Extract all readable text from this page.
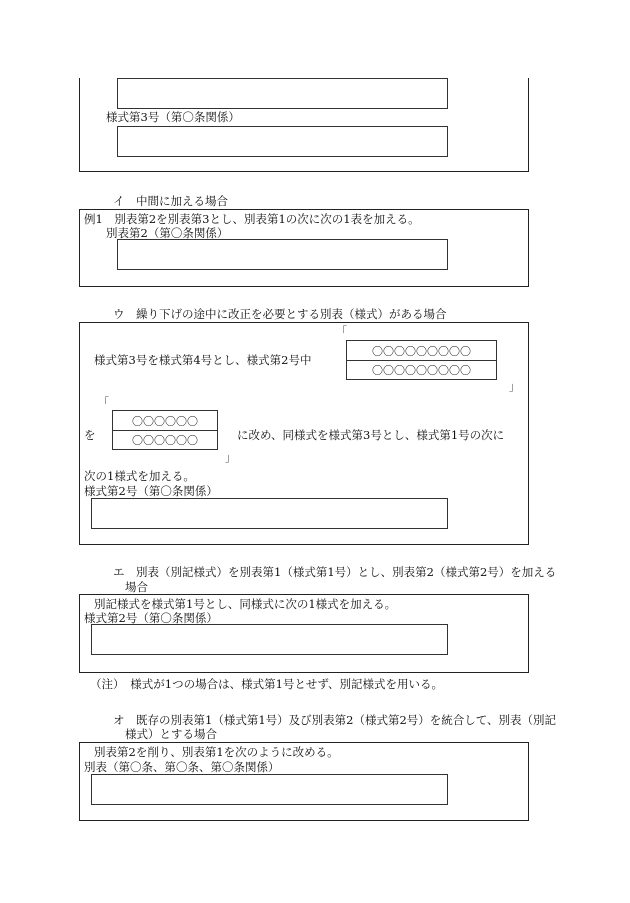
様式第3号（第〇条関係）
イ　中間に加える場合
例1　別表第2を別表第3とし、別表第1の次に次の1表を加える。
別表第2（第〇条関係）
ウ　繰り下げの途中に改正を必要とする別表（様式）がある場合
「
様式第3号を様式第4号とし、様式第2号中
〇〇〇〇〇〇〇〇〇
〇〇〇〇〇〇〇〇〇
」
「
を
〇〇〇〇〇〇
〇〇〇〇〇〇	に改め、同様式を様式第3号とし、様式第1号の次に
」
次の1様式を加える。
様式第2号（第〇条関係）
エ　別表（別記様式）を別表第1（様式第1号）とし、別表第2（様式第2号）を加える
場合
別記様式を様式第1号とし、同様式に次の1様式を加える。
様式第2号（第〇条関係）
（注）　様式が1つの場合は、様式第1号とせず、別記様式を用いる。
オ　既存の別表第1（様式第1号）及び別表第2（様式第2号）を統合して、別表（別記
様式）とする場合
別表第2を削り、別表第1を次のように改める。
別表（第〇条、第〇条、第〇条関係）
